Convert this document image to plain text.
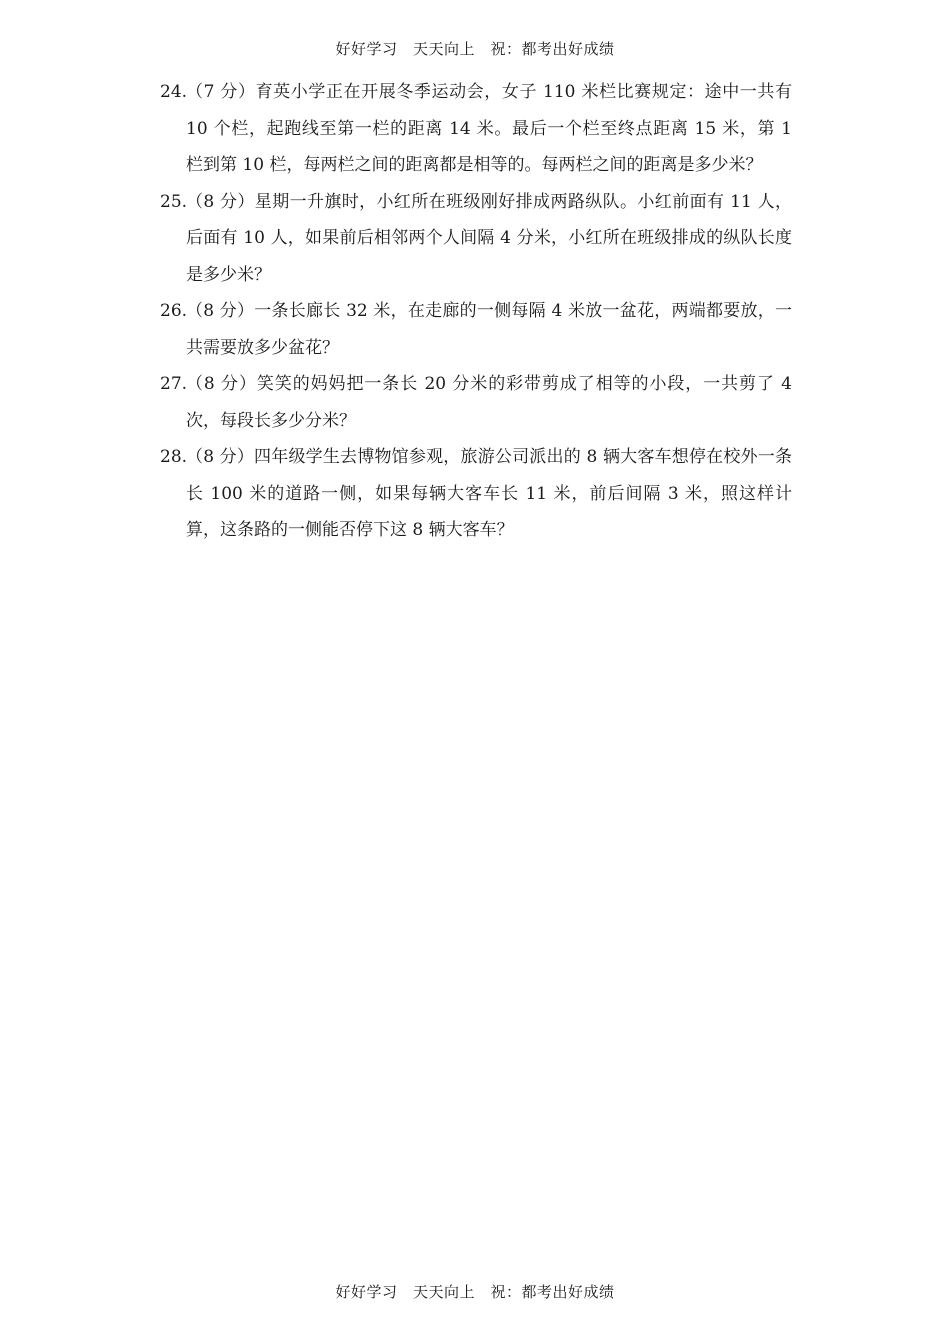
好好学习　天天向上　祝：都考出好成绩
24.
（7 分）育英小学正在开展冬季运动会，女子 110 米栏比赛规定：途中一共有 10 个栏，起跑线至第一栏的距离 14 米。最后一个栏至终点距离 15 米，第 1 栏到第 10 栏，每两栏之间的距离都是相等的。每两栏之间的距离是多少米？
25.
（8 分）星期一升旗时，小红所在班级刚好排成两路纵队。小红前面有 11 人，后面有 10 人，如果前后相邻两个人间隔 4 分米，小红所在班级排成的纵队长度是多少米？
26.
（8 分）一条长廊长 32 米，在走廊的一侧每隔 4 米放一盆花，两端都要放，一共需要放多少盆花？
27.
（8 分）笑笑的妈妈把一条长 20 分米的彩带剪成了相等的小段，一共剪了 4 次，每段长多少分米？
28.
（8 分）四年级学生去博物馆参观，旅游公司派出的 8 辆大客车想停在校外一条长 100 米的道路一侧，如果每辆大客车长 11 米，前后间隔 3 米，照这样计算，这条路的一侧能否停下这 8 辆大客车？
好好学习　天天向上　祝：都考出好成绩
